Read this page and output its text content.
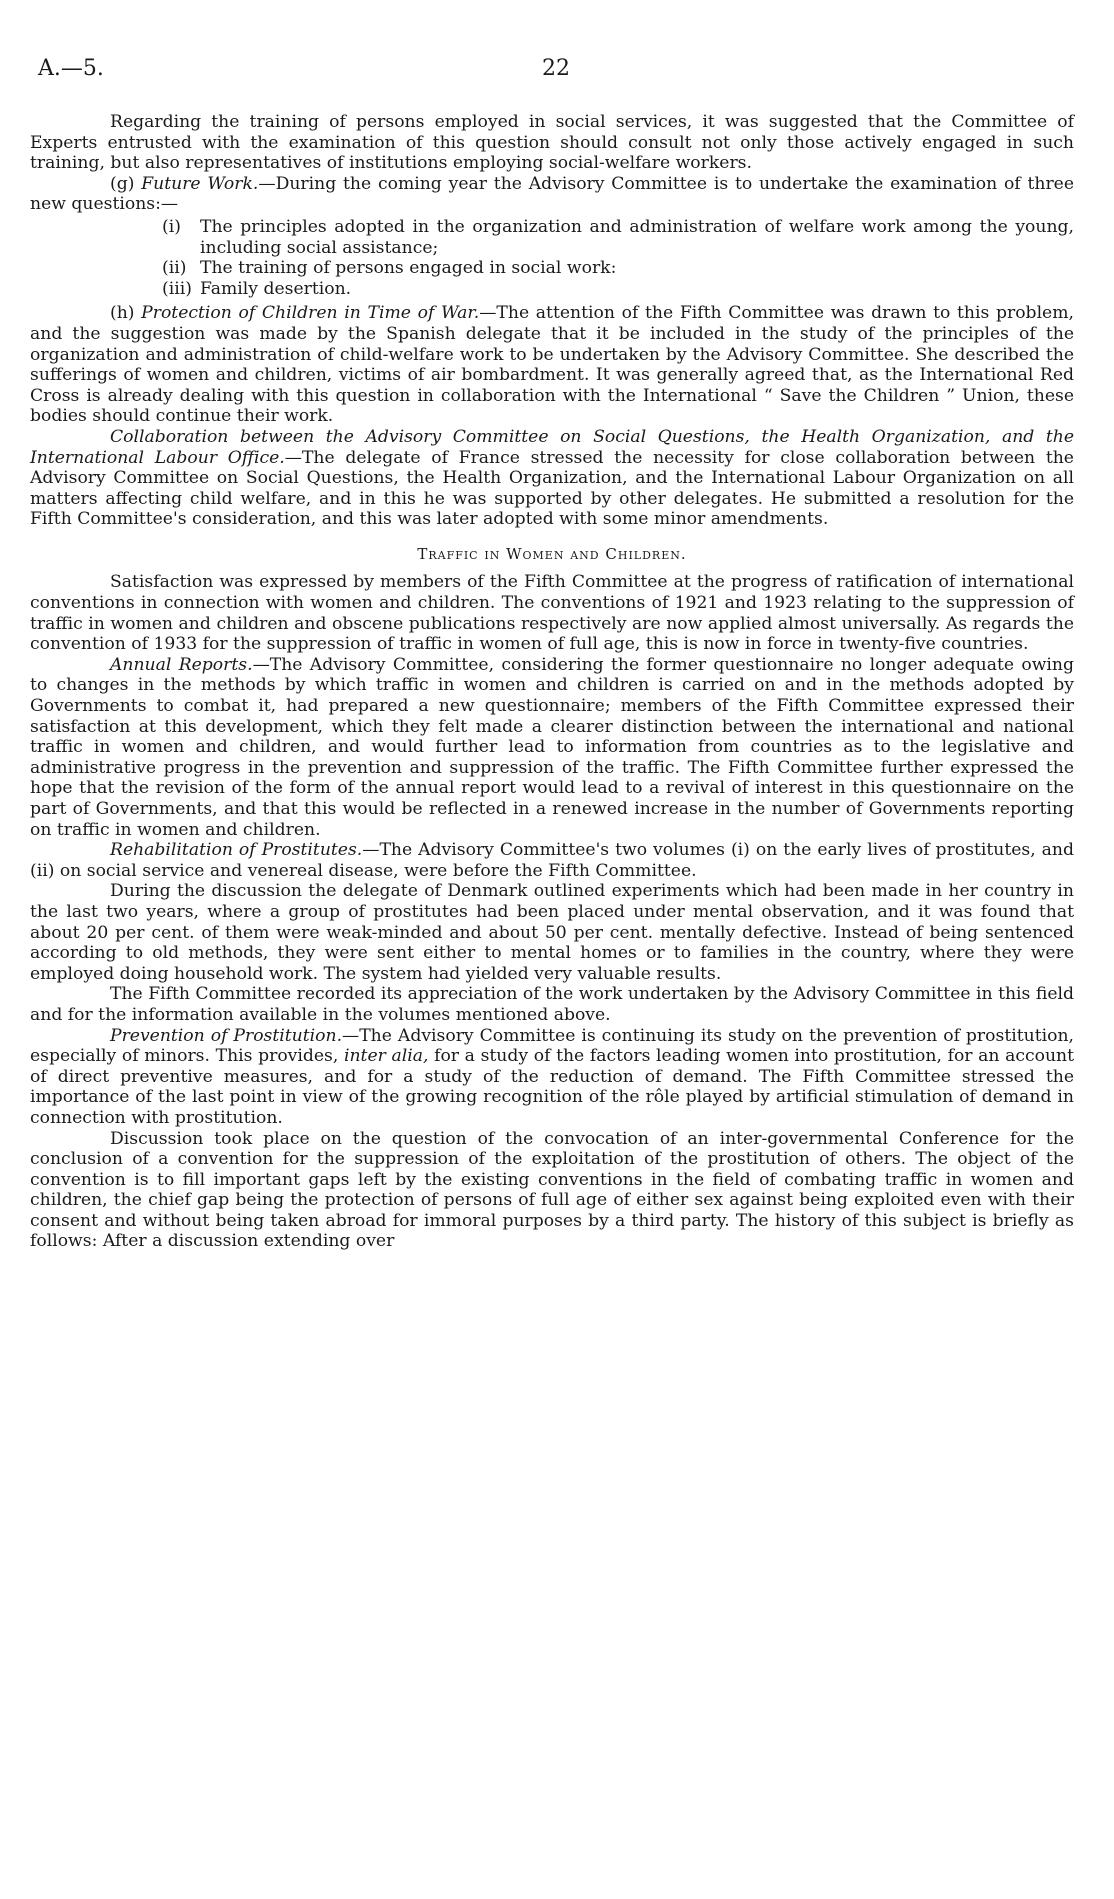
A.—5.	22

Regarding the training of persons employed in social services, it was suggested that the Committee of Experts entrusted with the examination of this question should consult not only those actively engaged in such training, but also representatives of institutions employing social-welfare workers.

(g) Future Work.—During the coming year the Advisory Committee is to undertake the examination of three new questions:—

(i) The principles adopted in the organization and administration of welfare work among the young, including social assistance;
(ii) The training of persons engaged in social work:
(iii) Family desertion.

(h) Protection of Children in Time of War.—The attention of the Fifth Committee was drawn to this problem, and the suggestion was made by the Spanish delegate that it be included in the study of the principles of the organization and administration of child-welfare work to be undertaken by the Advisory Committee. She described the sufferings of women and children, victims of air bombardment. It was generally agreed that, as the International Red Cross is already dealing with this question in collaboration with the International “ Save the Children ” Union, these bodies should continue their work.

Collaboration between the Advisory Committee on Social Questions, the Health Organization, and the International Labour Office.—The delegate of France stressed the necessity for close collaboration between the Advisory Committee on Social Questions, the Health Organization, and the International Labour Organization on all matters affecting child welfare, and in this he was supported by other delegates. He submitted a resolution for the Fifth Committee's consideration, and this was later adopted with some minor amendments.

Traffic in Women and Children.

Satisfaction was expressed by members of the Fifth Committee at the progress of ratification of international conventions in connection with women and children. The conventions of 1921 and 1923 relating to the suppression of traffic in women and children and obscene publications respectively are now applied almost universally. As regards the convention of 1933 for the suppression of traffic in women of full age, this is now in force in twenty-five countries.

Annual Reports.—The Advisory Committee, considering the former questionnaire no longer adequate owing to changes in the methods by which traffic in women and children is carried on and in the methods adopted by Governments to combat it, had prepared a new questionnaire; members of the Fifth Committee expressed their satisfaction at this development, which they felt made a clearer distinction between the international and national traffic in women and children, and would further lead to information from countries as to the legislative and administrative progress in the prevention and suppression of the traffic. The Fifth Committee further expressed the hope that the revision of the form of the annual report would lead to a revival of interest in this questionnaire on the part of Governments, and that this would be reflected in a renewed increase in the number of Governments reporting on traffic in women and children.

Rehabilitation of Prostitutes.—The Advisory Committee's two volumes (i) on the early lives of prostitutes, and (ii) on social service and venereal disease, were before the Fifth Committee.

During the discussion the delegate of Denmark outlined experiments which had been made in her country in the last two years, where a group of prostitutes had been placed under mental observation, and it was found that about 20 per cent. of them were weak-minded and about 50 per cent. mentally defective. Instead of being sentenced according to old methods, they were sent either to mental homes or to families in the country, where they were employed doing household work. The system had yielded very valuable results.

The Fifth Committee recorded its appreciation of the work undertaken by the Advisory Committee in this field and for the information available in the volumes mentioned above.

Prevention of Prostitution.—The Advisory Committee is continuing its study on the prevention of prostitution, especially of minors. This provides, inter alia, for a study of the factors leading women into prostitution, for an account of direct preventive measures, and for a study of the reduction of demand. The Fifth Committee stressed the importance of the last point in view of the growing recognition of the rôle played by artificial stimulation of demand in connection with prostitution.

Discussion took place on the question of the convocation of an inter-governmental Conference for the conclusion of a convention for the suppression of the exploitation of the prostitution of others. The object of the convention is to fill important gaps left by the existing conventions in the field of combating traffic in women and children, the chief gap being the protection of persons of full age of either sex against being exploited even with their consent and without being taken abroad for immoral purposes by a third party. The history of this subject is briefly as follows: After a discussion extending over
